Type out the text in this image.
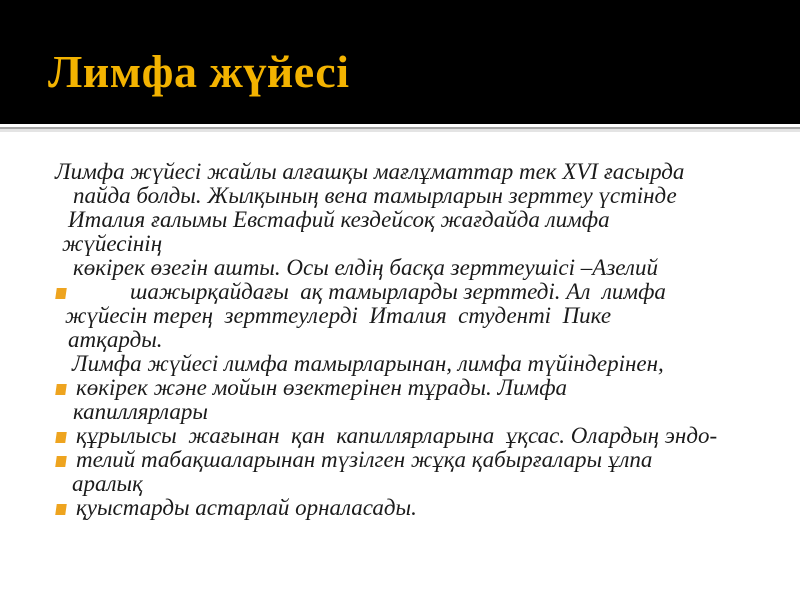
Лимфа жүйесі
Лимфа жүйесі жайлы алғашқы мағлұматтар тек XVI ғасырда
пайда болды. Жылқының вена тамырларын зерттеу үстінде
Италия ғалымы Евстафий кездейсоқ жағдайда лимфа
жүйесінің
көкірек өзегін ашты. Осы елдің басқа зерттеушісі –Азелий
шажырқайдағы  ақ тамырларды зерттеді. Ал  лимфа
жүйесін терең  зерттеулерді  Италия  студенті  Пике
атқарды.
Лимфа жүйесі лимфа тамырларынан, лимфа түйіндерінен,
көкірек және мойын өзектерінен тұрады. Лимфа
капиллярлары
құрылысы  жағынан  қан  капиллярларына  ұқсас. Олардың эндо-
телий табақшаларынан түзілген жұқа қабырғалары ұлпа
аралық
қуыстарды астарлай орналасады.
